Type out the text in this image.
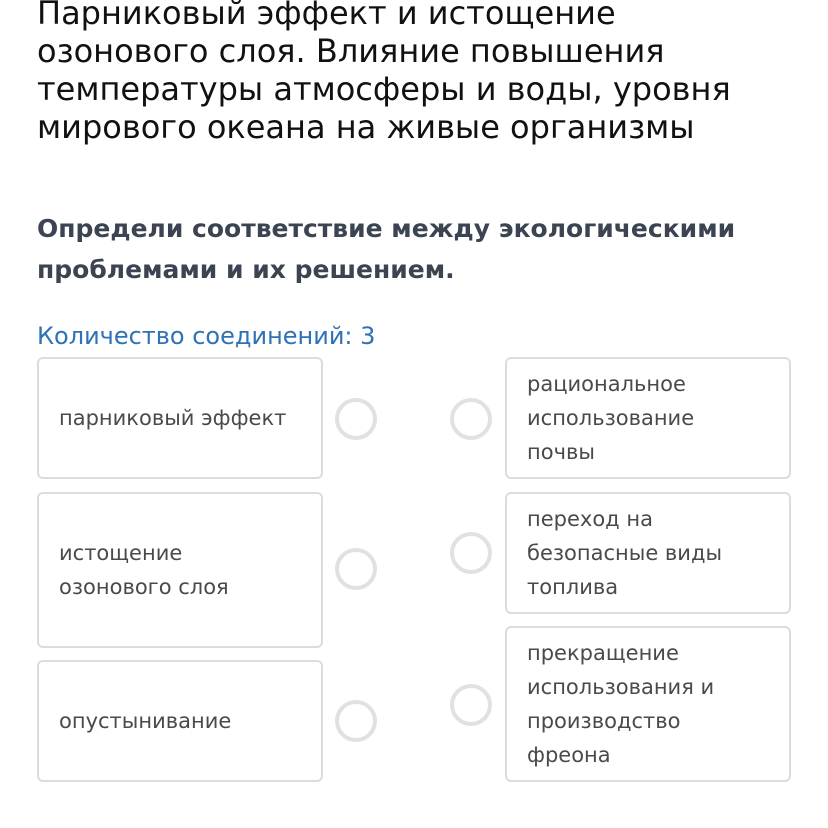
Парниковый эффект и истощение
озонового слоя. Влияние повышения
температуры атмосферы и воды, уровня
мирового океана на живые организмы

Определи соответствие между экологическими
проблемами и их решением.

Количество соединений: 3

парниковый эффект
истощение
озонового слоя
опустынивание
рациональное
использование
почвы
переход на
безопасные виды
топлива
прекращение
использования и
производство
фреона
